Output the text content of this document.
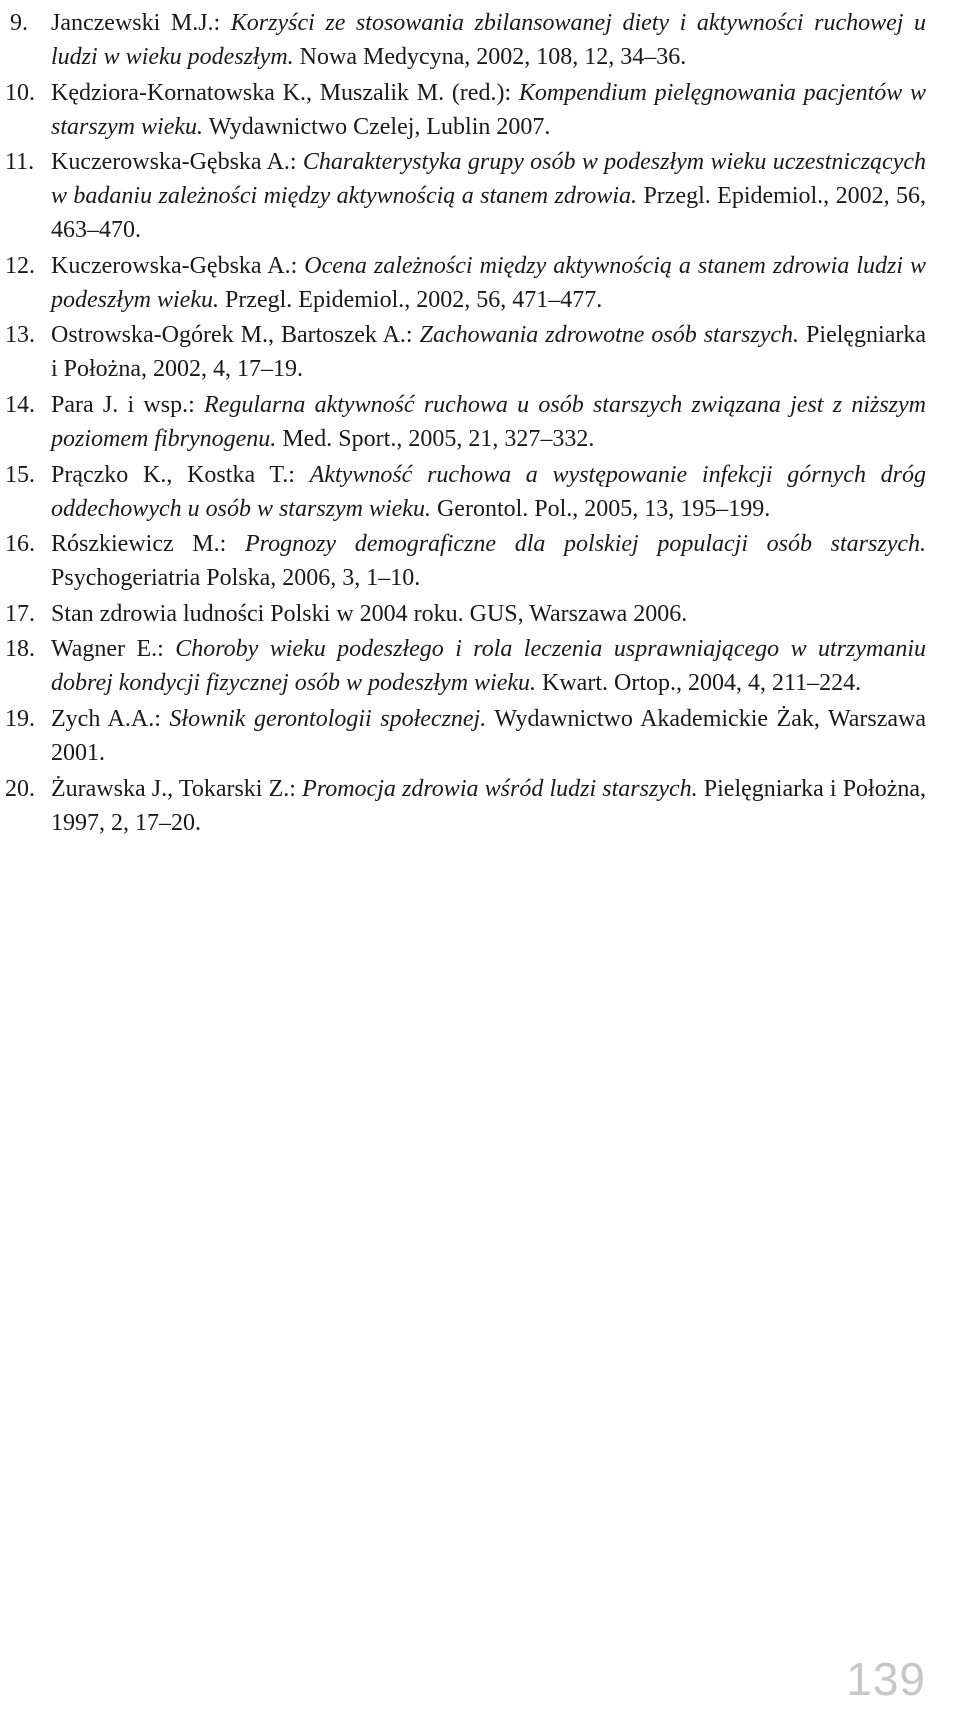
9. Janczewski M.J.: Korzyści ze stosowania zbilansowanej diety i aktywności ruchowej u ludzi w wieku podeszłym. Nowa Medycyna, 2002, 108, 12, 34–36.
10. Kędziora-Kornatowska K., Muszalik M. (red.): Kompendium pielęgnowania pacjentów w starszym wieku. Wydawnictwo Czelej, Lublin 2007.
11. Kuczerowska-Gębska A.: Charakterystyka grupy osób w podeszłym wieku uczestniczących w badaniu zależności między aktywnością a stanem zdrowia. Przegl. Epidemiol., 2002, 56, 463–470.
12. Kuczerowska-Gębska A.: Ocena zależności między aktywnością a stanem zdrowia ludzi w podeszłym wieku. Przegl. Epidemiol., 2002, 56, 471–477.
13. Ostrowska-Ogórek M., Bartoszek A.: Zachowania zdrowotne osób starszych. Pielęgniarka i Położna, 2002, 4, 17–19.
14. Para J. i wsp.: Regularna aktywność ruchowa u osób starszych związana jest z niższym poziomem fibrynogenu. Med. Sport., 2005, 21, 327–332.
15. Prączko K., Kostka T.: Aktywność ruchowa a występowanie infekcji górnych dróg oddechowych u osób w starszym wieku. Gerontol. Pol., 2005, 13, 195–199.
16. Rószkiewicz M.: Prognozy demograficzne dla polskiej populacji osób starszych. Psychogeriatria Polska, 2006, 3, 1–10.
17. Stan zdrowia ludności Polski w 2004 roku. GUS, Warszawa 2006.
18. Wagner E.: Choroby wieku podeszłego i rola leczenia usprawniającego w utrzymaniu dobrej kondycji fizycznej osób w podeszłym wieku. Kwart. Ortop., 2004, 4, 211–224.
19. Zych A.A.: Słownik gerontologii społecznej. Wydawnictwo Akademickie Żak, Warszawa 2001.
20. Żurawska J., Tokarski Z.: Promocja zdrowia wśród ludzi starszych. Pielęgniarka i Położna, 1997, 2, 17–20.
139
